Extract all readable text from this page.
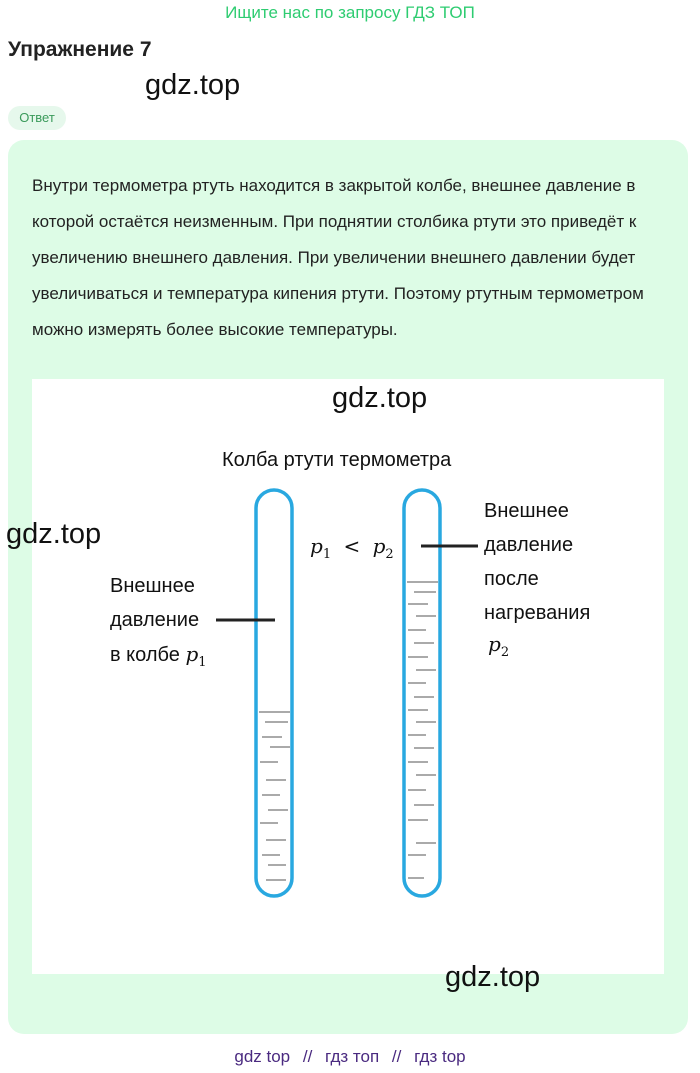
Ищите нас по запросу ГДЗ ТОП
Упражнение 7
gdz.top
Ответ
Внутри термометра ртуть находится в закрытой колбе, внешнее давление в которой остаётся неизменным. При поднятии столбика ртути это приведёт к увеличению внешнего давления. При увеличении внешнего давлении будет увеличиваться и температура кипения ртути. Поэтому ртутным термометром можно измерять более высокие температуры.
gdz.top
Колба ртути термометра
gdz.top
Внешнее
давление
в колбе $p_1$
$p_1 < p_2$
Внешнее
давление
после
нагревания
$p_2$
gdz.top
gdz top // гдз топ // гдз top
